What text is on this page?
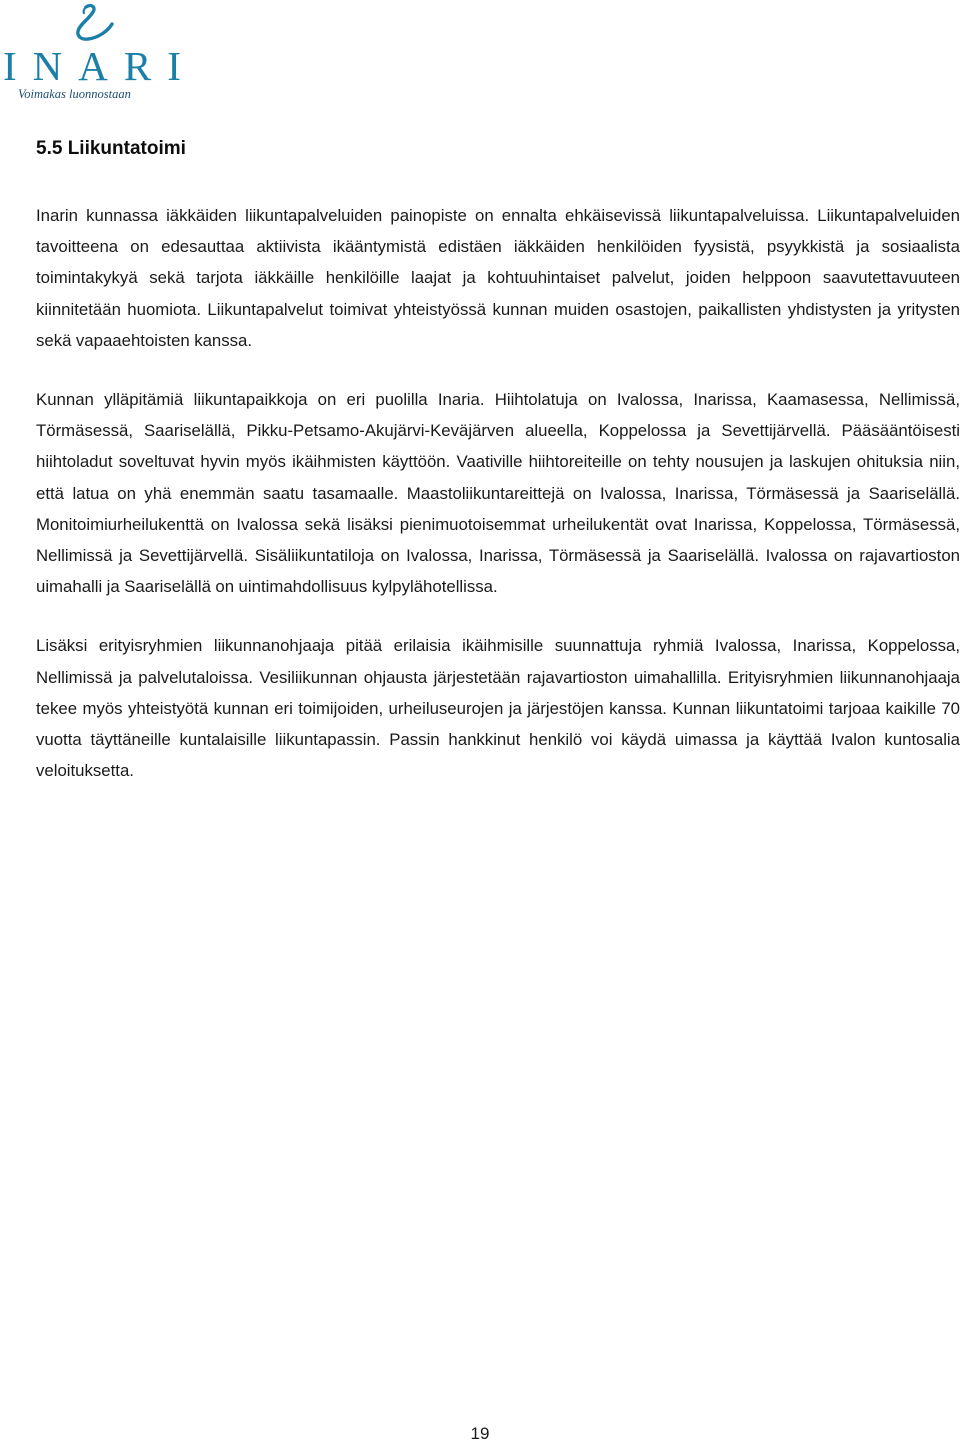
INARI
Voimakas luonnostaan
5.5 Liikuntatoimi

Inarin kunnassa iäkkäiden liikuntapalveluiden painopiste on ennalta ehkäisevissä liikuntapalveluissa. Liikuntapalveluiden tavoitteena on edesauttaa aktiivista ikääntymistä edistäen iäkkäiden henkilöiden fyysistä, psyykkistä ja sosiaalista toimintakykyä sekä tarjota iäkkäille henkilöille laajat ja kohtuuhintaiset palvelut, joiden helppoon saavutettavuuteen kiinnitetään huomiota. Liikuntapalvelut toimivat yhteistyössä kunnan muiden osastojen, paikallisten yhdistysten ja yritysten sekä vapaaehtoisten kanssa.

Kunnan ylläpitämiä liikuntapaikkoja on eri puolilla Inaria. Hiihtolatuja on Ivalossa, Inarissa, Kaamasessa, Nellimissä, Törmäsessä, Saariselällä, Pikku-Petsamo-Akujärvi-Keväjärven alueella, Koppelossa ja Sevettijärvellä. Pääsääntöisesti hiihtoladut soveltuvat hyvin myös ikäihmisten käyttöön. Vaativille hiihtoreiteille on tehty nousujen ja laskujen ohituksia niin, että latua on yhä enemmän saatu tasamaalle. Maastoliikuntareittejä on Ivalossa, Inarissa, Törmäsessä ja Saariselällä. Monitoimiurheilukenttä on Ivalossa sekä lisäksi pienimuotoisemmat urheilukentät ovat Inarissa, Koppelossa, Törmäsessä, Nellimissä ja Sevettijärvellä. Sisäliikuntatiloja on Ivalossa, Inarissa, Törmäsessä ja Saariselällä. Ivalossa on rajavartioston uimahalli ja Saariselällä on uintimahdollisuus kylpylähotellissa.

Lisäksi erityisryhmien liikunnanohjaaja pitää erilaisia ikäihmisille suunnattuja ryhmiä Ivalossa, Inarissa, Koppelossa, Nellimissä ja palvelutaloissa. Vesiliikunnan ohjausta järjestetään rajavartioston uimahallilla. Erityisryhmien liikunnanohjaaja tekee myös yhteistyötä kunnan eri toimijoiden, urheiluseurojen ja järjestöjen kanssa. Kunnan liikuntatoimi tarjoaa kaikille 70 vuotta täyttäneille kuntalaisille liikuntapassin. Passin hankkinut henkilö voi käydä uimassa ja käyttää Ivalon kuntosalia veloituksetta.

19
